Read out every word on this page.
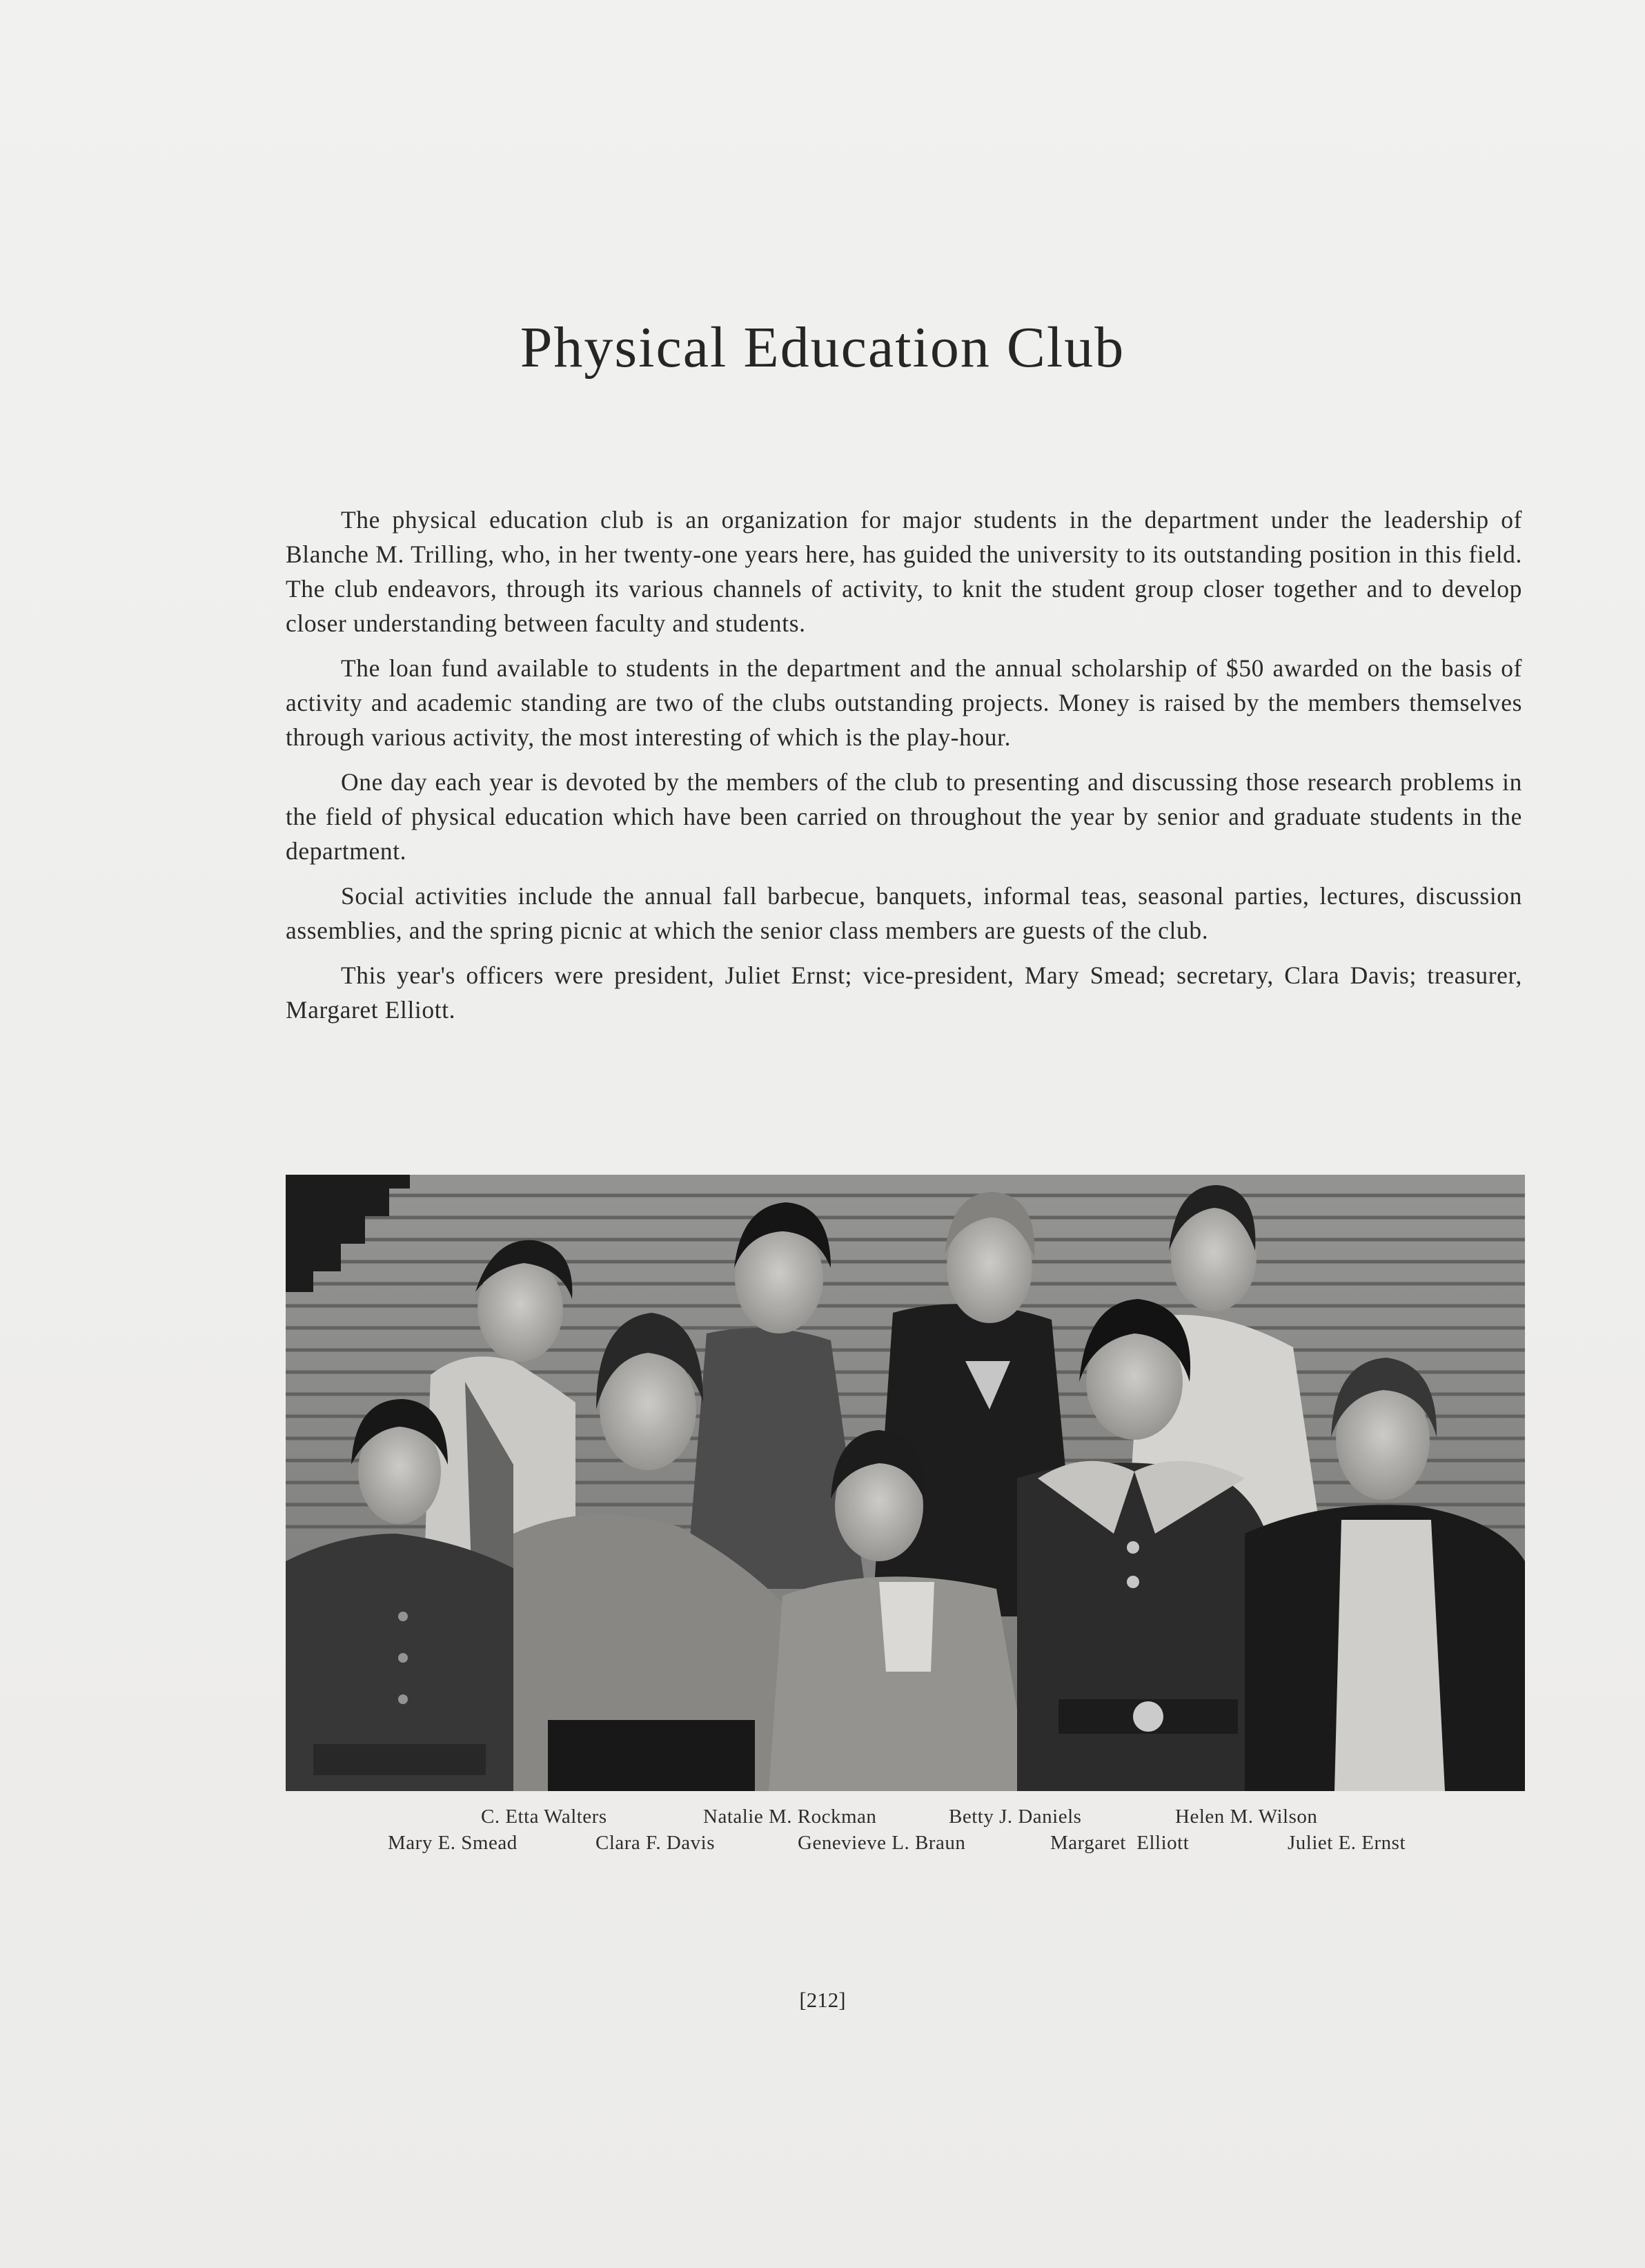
Physical Education Club

The physical education club is an organization for major students in the department under the leadership of Blanche M. Trilling, who, in her twenty-one years here, has guided the university to its outstanding position in this field. The club endeavors, through its various channels of activity, to knit the student group closer together and to develop closer understanding between faculty and students.

The loan fund available to students in the department and the annual scholarship of $50 awarded on the basis of activity and academic standing are two of the clubs outstanding projects. Money is raised by the members themselves through various activity, the most interesting of which is the play-hour.

One day each year is devoted by the members of the club to presenting and discussing those research problems in the field of physical education which have been carried on throughout the year by senior and graduate students in the department.

Social activities include the annual fall barbecue, banquets, informal teas, seasonal parties, lectures, discussion assemblies, and the spring picnic at which the senior class members are guests of the club.

This year's officers were president, Juliet Ernst; vice-president, Mary Smead; secretary, Clara Davis; treasurer, Margaret Elliott.

C. Etta Walters	Natalie M. Rockman	Betty J. Daniels	Helen M. Wilson
Mary E. Smead	Clara F. Davis	Genevieve L. Braun	Margaret  Elliott	Juliet E. Ernst
[212]
